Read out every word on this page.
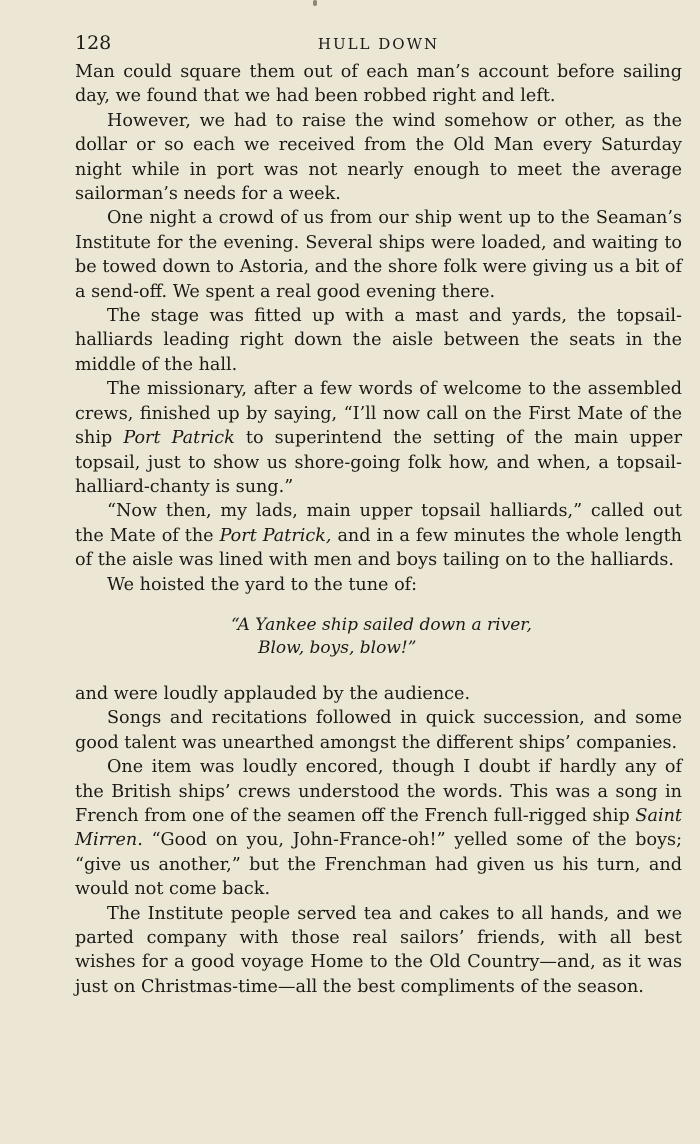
128	HULL DOWN

Man could square them out of each man’s account before sailing day, we found that we had been robbed right and left.

However, we had to raise the wind somehow or other, as the dollar or so each we received from the Old Man every Saturday night while in port was not nearly enough to meet the average sailorman’s needs for a week.

One night a crowd of us from our ship went up to the Seaman’s Institute for the evening. Several ships were loaded, and waiting to be towed down to Astoria, and the shore folk were giving us a bit of a send-off. We spent a real good evening there.

The stage was fitted up with a mast and yards, the topsail-halliards leading right down the aisle between the seats in the middle of the hall.

The missionary, after a few words of welcome to the assembled crews, finished up by saying, “I’ll now call on the First Mate of the ship Port Patrick to superintend the setting of the main upper topsail, just to show us shore-going folk how, and when, a topsail-halliard-chanty is sung.”

“Now then, my lads, main upper topsail halliards,” called out the Mate of the Port Patrick, and in a few minutes the whole length of the aisle was lined with men and boys tailing on to the halliards.

We hoisted the yard to the tune of:

“A Yankee ship sailed down a river,
Blow, boys, blow!”

and were loudly applauded by the audience.

Songs and recitations followed in quick succession, and some good talent was unearthed amongst the different ships’ companies.

One item was loudly encored, though I doubt if hardly any of the British ships’ crews understood the words. This was a song in French from one of the seamen off the French full-rigged ship Saint Mirren. “Good on you, John-France-oh!” yelled some of the boys; “give us another,” but the Frenchman had given us his turn, and would not come back.

The Institute people served tea and cakes to all hands, and we parted company with those real sailors’ friends, with all best wishes for a good voyage Home to the Old Country—and, as it was just on Christmas-time—all the best compliments of the season.
